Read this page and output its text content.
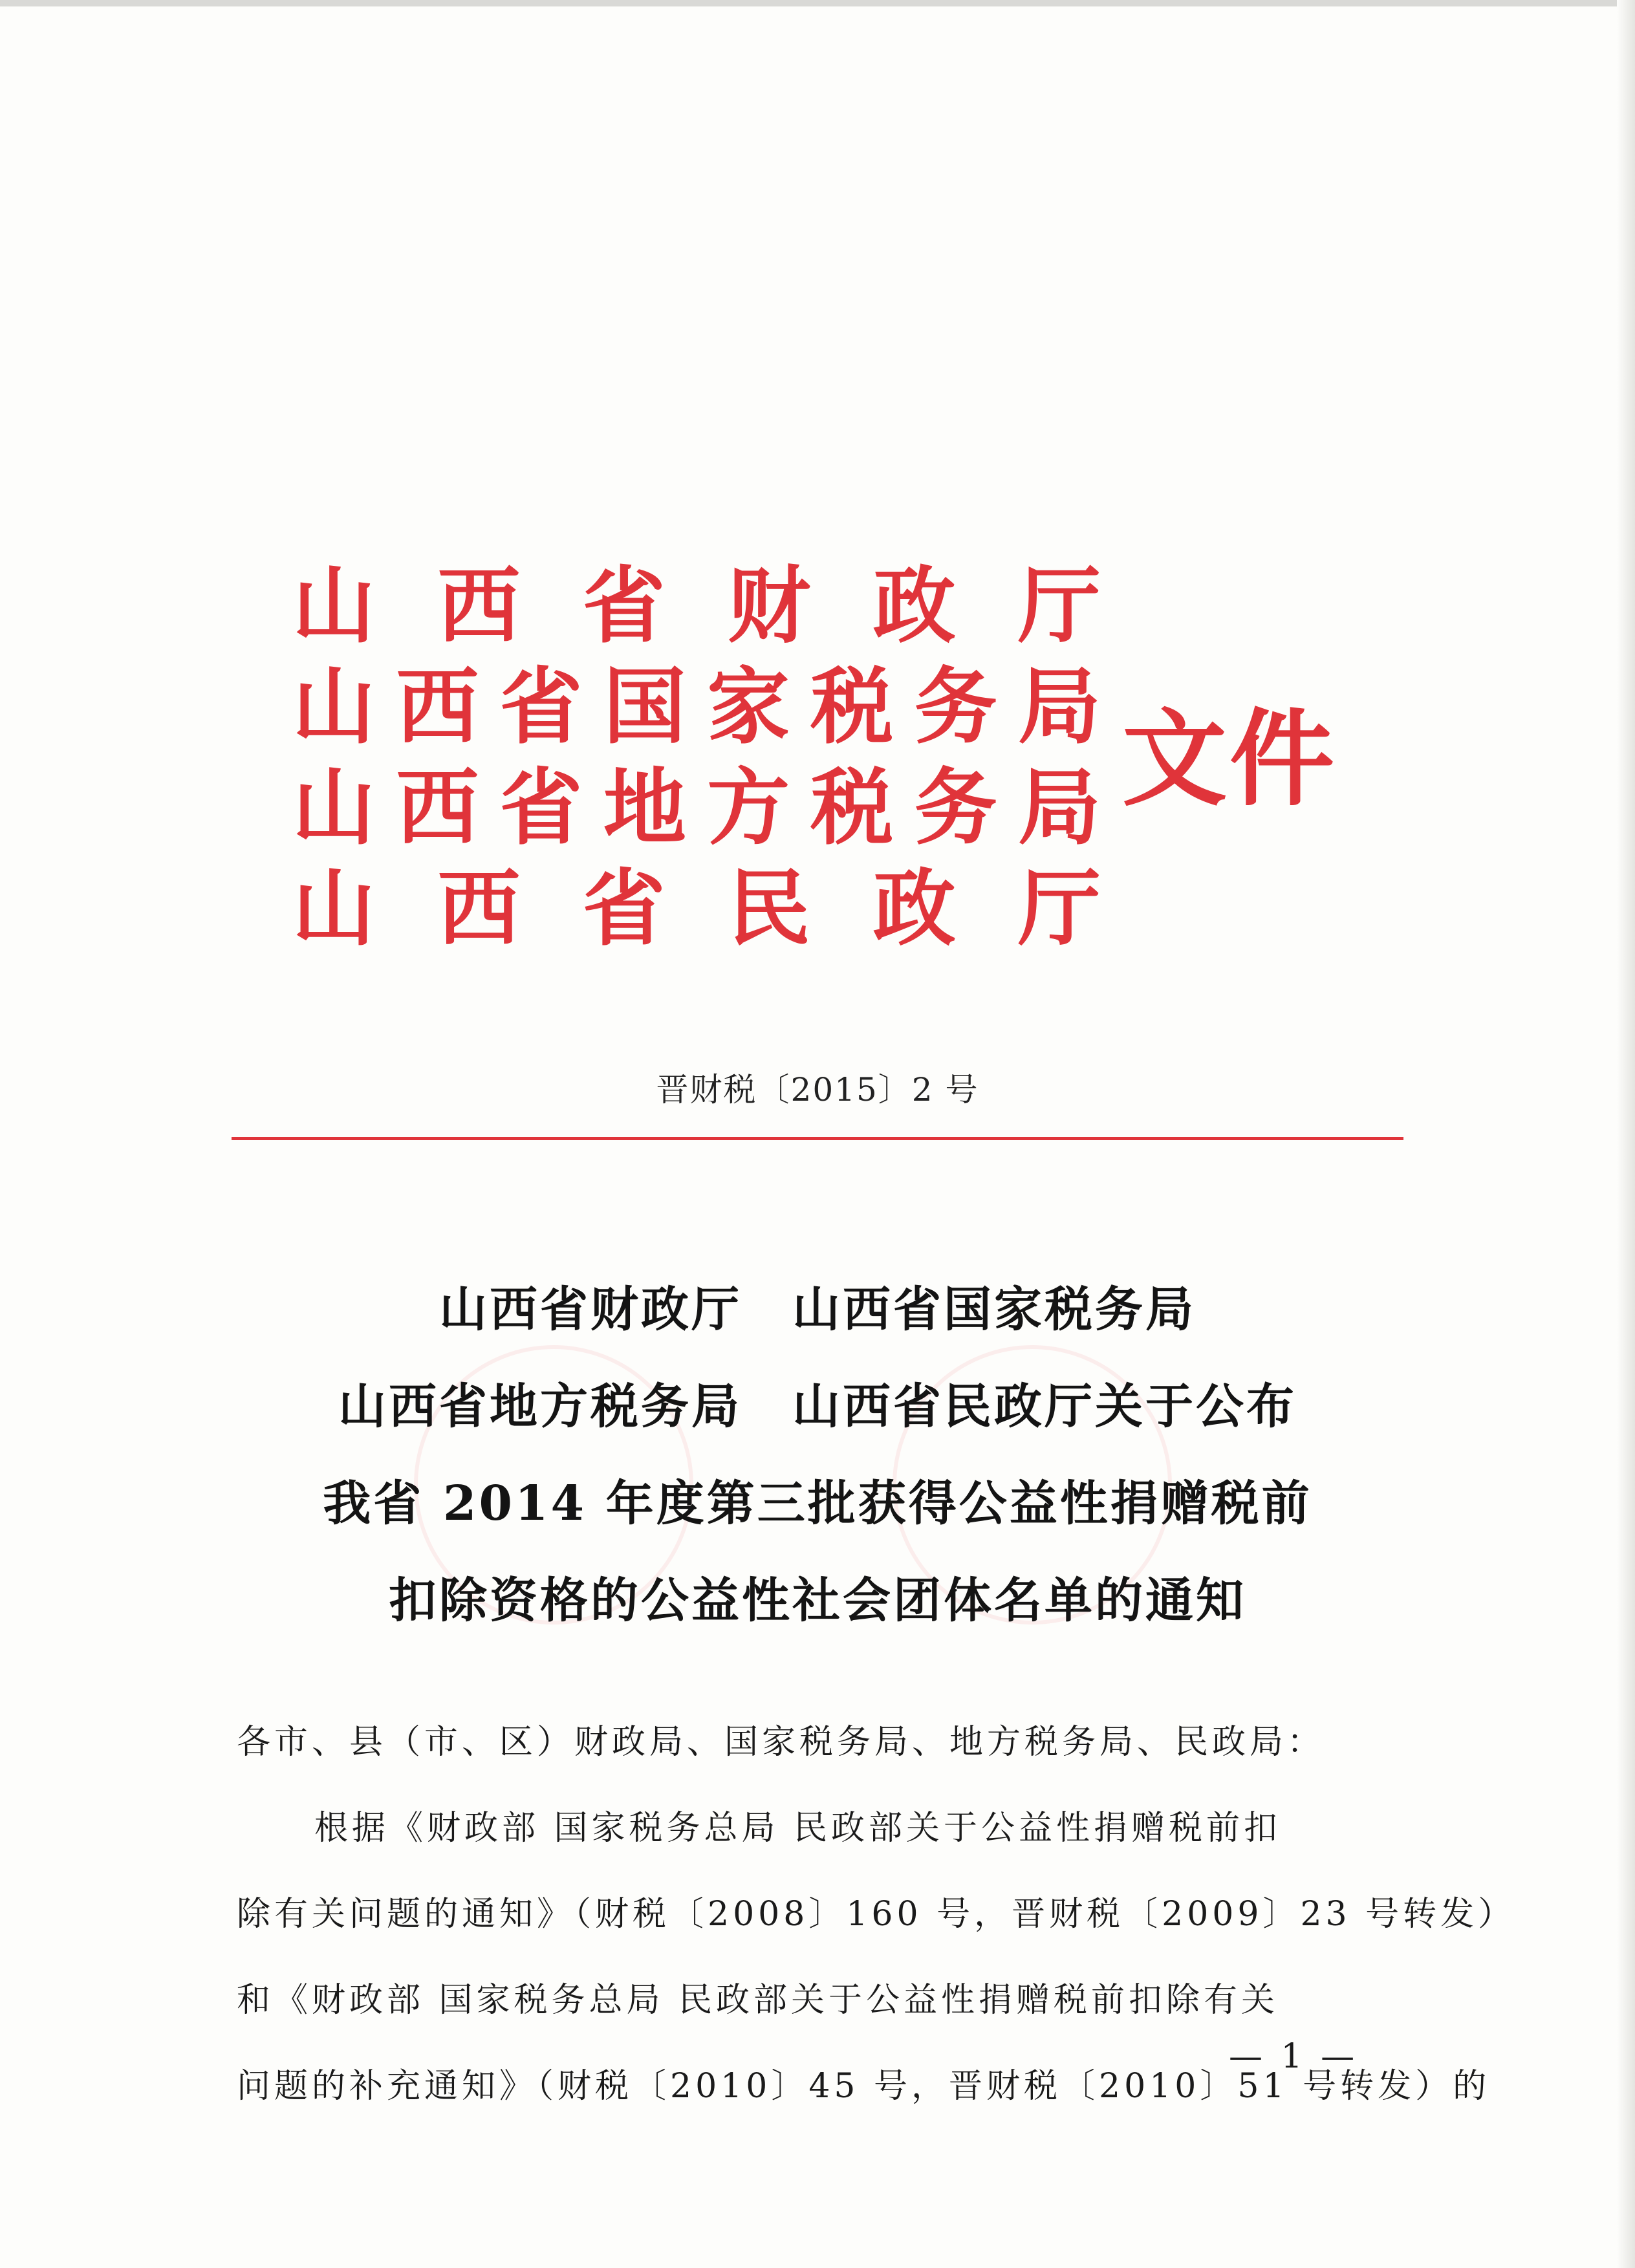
山 西 省 财 政 厅
山 西 省 国 家 税 务 局
山 西 省 地 方 税 务 局
山 西 省 民 政 厅
文件
晋财税〔2015〕2 号
山西省财政厅　山西省国家税务局
山西省地方税务局　山西省民政厅关于公布
我省 2014 年度第三批获得公益性捐赠税前
扣除资格的公益性社会团体名单的通知
各市、县（市、区）财政局、国家税务局、地方税务局、民政局：
根据《财政部 国家税务总局 民政部关于公益性捐赠税前扣
除有关问题的通知》（财税〔2008〕160 号，晋财税〔2009〕23 号转发）
和《财政部 国家税务总局 民政部关于公益性捐赠税前扣除有关
问题的补充通知》（财税〔2010〕45 号，晋财税〔2010〕51 号转发）的
— 1 —
